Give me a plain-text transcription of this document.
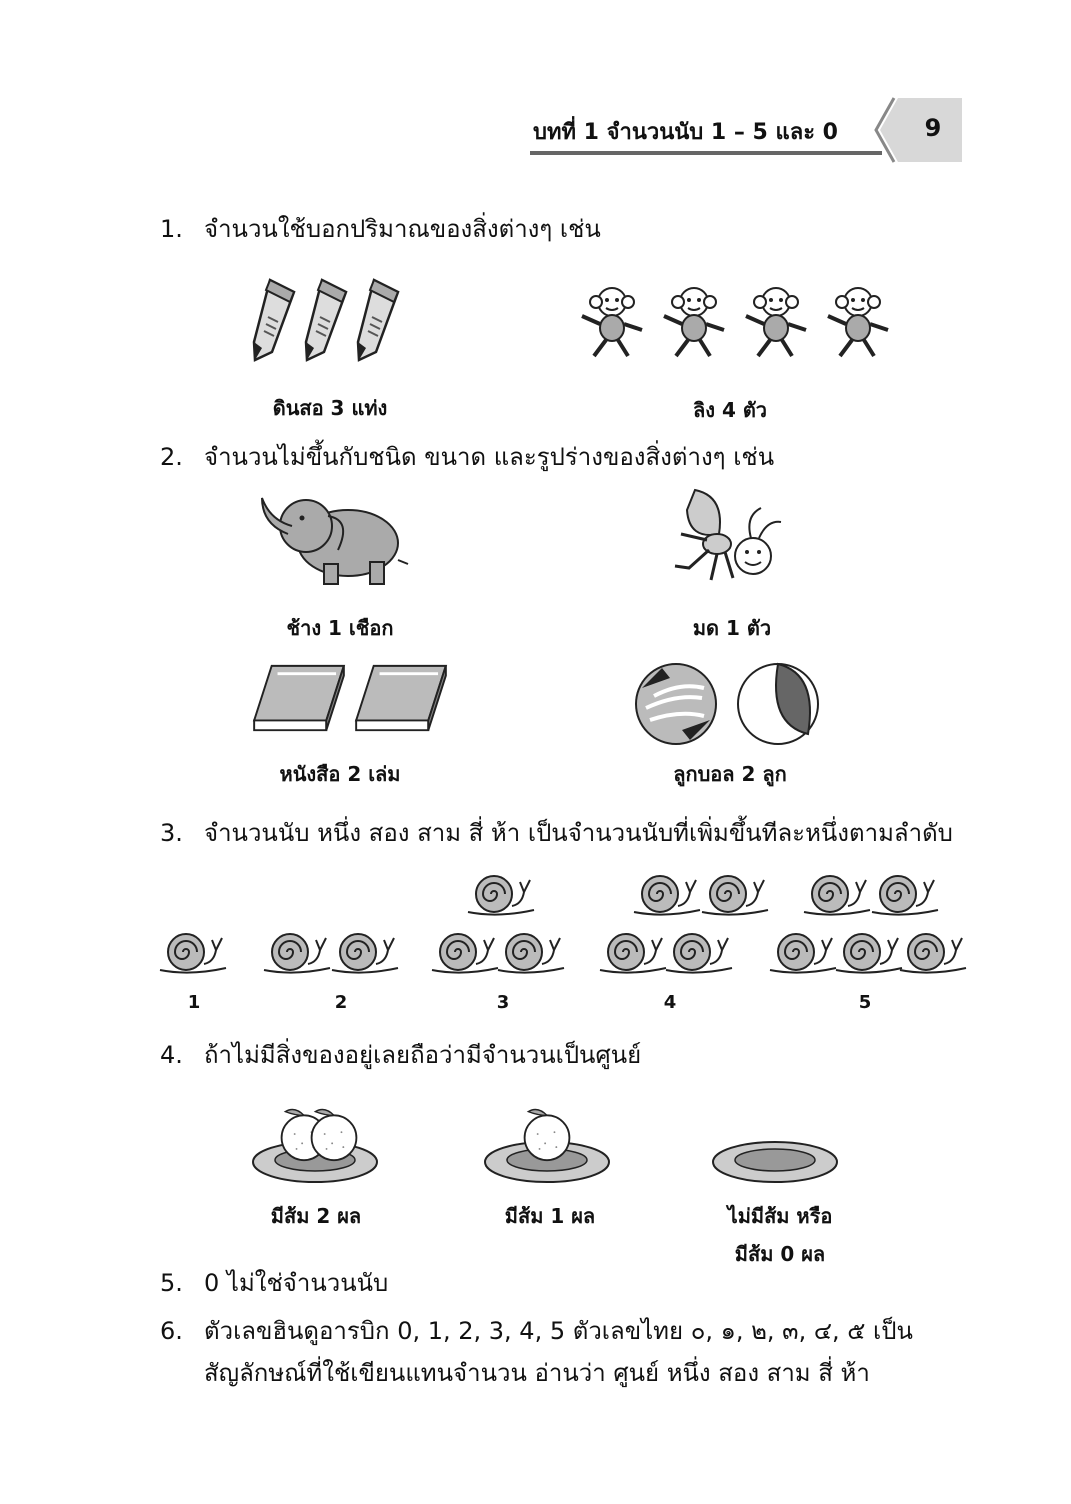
บทที่ 1 จำนวนนับ 1 – 5 และ 0	9
1. จำนวนใช้บอกปริมาณของสิ่งต่างๆ เช่น
ดินสอ 3 แท่ง	ลิง 4 ตัว
2. จำนวนไม่ขึ้นกับชนิด ขนาด และรูปร่างของสิ่งต่างๆ เช่น
ช้าง 1 เชือก	มด 1 ตัว
หนังสือ 2 เล่ม	ลูกบอล 2 ลูก
3. จำนวนนับ หนึ่ง สอง สาม สี่ ห้า เป็นจำนวนนับที่เพิ่มขึ้นทีละหนึ่งตามลำดับ
1	2	3	4	5
4. ถ้าไม่มีสิ่งของอยู่เลยถือว่ามีจำนวนเป็นศูนย์
มีส้ม 2 ผล	มีส้ม 1 ผล	ไม่มีส้ม หรือ
มีส้ม 0 ผล
5. 0 ไม่ใช่จำนวนนับ
6. ตัวเลขฮินดูอารบิก 0, 1, 2, 3, 4, 5 ตัวเลขไทย ๐, ๑, ๒, ๓, ๔, ๕ เป็น
สัญลักษณ์ที่ใช้เขียนแทนจำนวน อ่านว่า ศูนย์ หนึ่ง สอง สาม สี่ ห้า
